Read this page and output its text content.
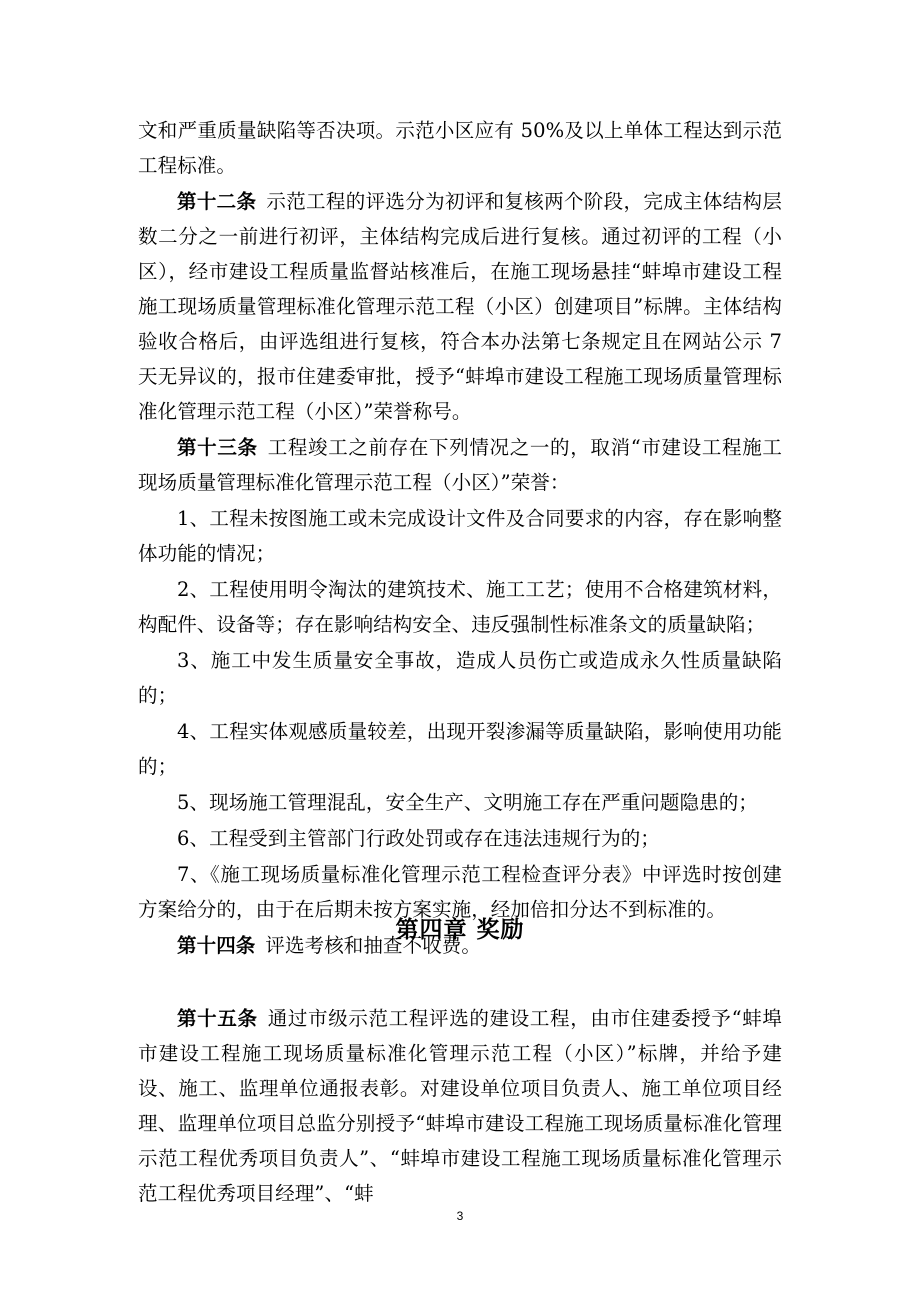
文和严重质量缺陷等否决项。示范小区应有 50%及以上单体工程达到示范工程标准。

第十二条 示范工程的评选分为初评和复核两个阶段，完成主体结构层数二分之一前进行初评，主体结构完成后进行复核。通过初评的工程（小区），经市建设工程质量监督站核准后，在施工现场悬挂“蚌埠市建设工程施工现场质量管理标准化管理示范工程（小区）创建项目”标牌。主体结构验收合格后，由评选组进行复核，符合本办法第七条规定且在网站公示 7 天无异议的，报市住建委审批，授予“蚌埠市建设工程施工现场质量管理标准化管理示范工程（小区）”荣誉称号。

第十三条 工程竣工之前存在下列情况之一的，取消“市建设工程施工现场质量管理标准化管理示范工程（小区）”荣誉：

1、工程未按图施工或未完成设计文件及合同要求的内容，存在影响整体功能的情况；

2、工程使用明令淘汰的建筑技术、施工工艺；使用不合格建筑材料，构配件、设备等；存在影响结构安全、违反强制性标准条文的质量缺陷；

3、施工中发生质量安全事故，造成人员伤亡或造成永久性质量缺陷的；

4、工程实体观感质量较差，出现开裂渗漏等质量缺陷，影响使用功能的；

5、现场施工管理混乱，安全生产、文明施工存在严重问题隐患的；

6、工程受到主管部门行政处罚或存在违法违规行为的；

7、《施工现场质量标准化管理示范工程检查评分表》中评选时按创建方案给分的，由于在后期未按方案实施，经加倍扣分达不到标准的。

第十四条 评选考核和抽查不收费。

第四章 奖励

第十五条 通过市级示范工程评选的建设工程，由市住建委授予“蚌埠市建设工程施工现场质量标准化管理示范工程（小区）”标牌，并给予建设、施工、监理单位通报表彰。对建设单位项目负责人、施工单位项目经理、监理单位项目总监分别授予“蚌埠市建设工程施工现场质量标准化管理示范工程优秀项目负责人”、“蚌埠市建设工程施工现场质量标准化管理示范工程优秀项目经理”、“蚌

3
